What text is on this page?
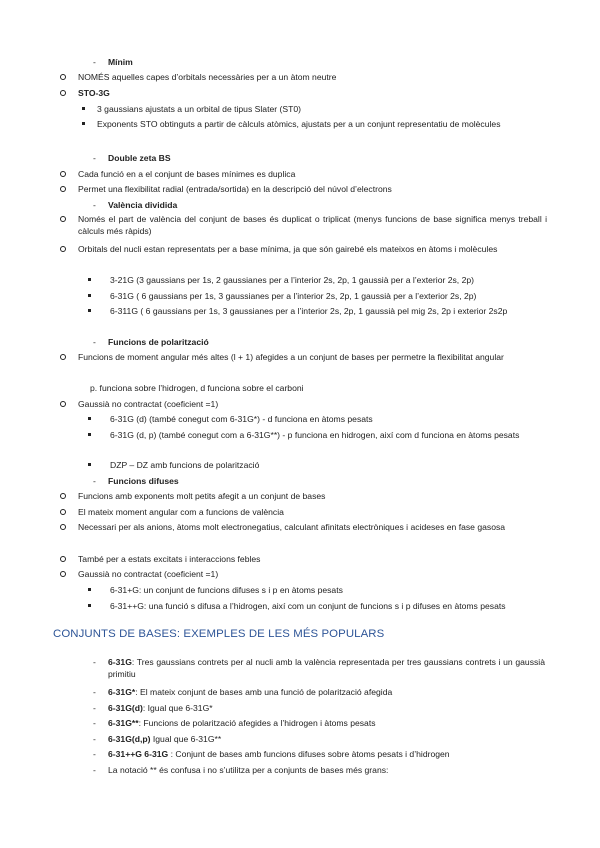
- Mínim
NOMÉS aquelles capes d’orbitals necessàries per a un àtom neutre
STO-3G
3 gaussians ajustats a un orbital de tipus Slater (ST0)
Exponents STO obtinguts a partir de càlculs atòmics, ajustats per a un conjunt representatiu de molècules
- Double zeta BS
Cada funció en a el conjunt de bases mínimes es duplica
Permet una flexibilitat radial (entrada/sortida) en la descripció del núvol d’electrons
- València dividida
Només el part de valència del conjunt de bases és duplicat o triplicat (menys funcions de base significa menys treball i càlculs més ràpids)
Orbitals del nucli estan representats per a base mínima, ja que són gairebé els mateixos en àtoms i molècules
3-21G (3 gaussians per 1s, 2 gaussianes per a l’interior 2s, 2p, 1 gaussià per a l’exterior 2s, 2p)
6-31G ( 6 gaussians per 1s, 3 gaussianes per a l’interior 2s, 2p, 1 gaussià per a l’exterior 2s, 2p)
6-311G ( 6 gaussians per 1s, 3 gaussianes per a l’interior 2s, 2p, 1 gaussià pel mig 2s, 2p i exterior 2s2p
- Funcions de polarització
Funcions de moment angular més altes (l + 1) afegides a un conjunt de bases per permetre la flexibilitat angular
p. funciona sobre l’hidrogen, d funciona sobre el carboni
Gaussià no contractat (coeficient =1)
6-31G (d) (també conegut com 6-31G*) - d funciona en àtoms pesats
6-31G (d, p) (també conegut com a 6-31G**) - p funciona en hidrogen, així com d funciona en àtoms pesats
DZP – DZ amb funcions de polarització
- Funcions difuses
Funcions amb exponents molt petits afegit a un conjunt de bases
El mateix moment angular com a funcions de valència
Necessari per als anions, àtoms molt electronegatius, calculant afinitats electròniques i acideses en fase gasosa
També per a estats excitats i interaccions febles
Gaussià no contractat (coeficient =1)
6-31+G: un conjunt de funcions difuses s i p en àtoms pesats
6-31++G: una funció s difusa a l’hidrogen, així com un conjunt de funcions s i p difuses en àtoms pesats
CONJUNTS DE BASES: EXEMPLES DE LES MÉS POPULARS
- 6-31G: Tres gaussians contrets per al nucli amb la valència representada per tres gaussians contrets i un gaussià primitiu
- 6-31G*: El mateix conjunt de bases amb una funció de polarització afegida
- 6-31G(d): Igual que 6-31G*
- 6-31G**: Funcions de polarització afegides a l’hidrogen i àtoms pesats
- 6-31G(d,p) Igual que 6-31G**
- 6-31++G 6-31G : Conjunt de bases amb funcions difuses sobre àtoms pesats i d’hidrogen
- La notació ** és confusa i no s’utilitza per a conjunts de bases més grans:
